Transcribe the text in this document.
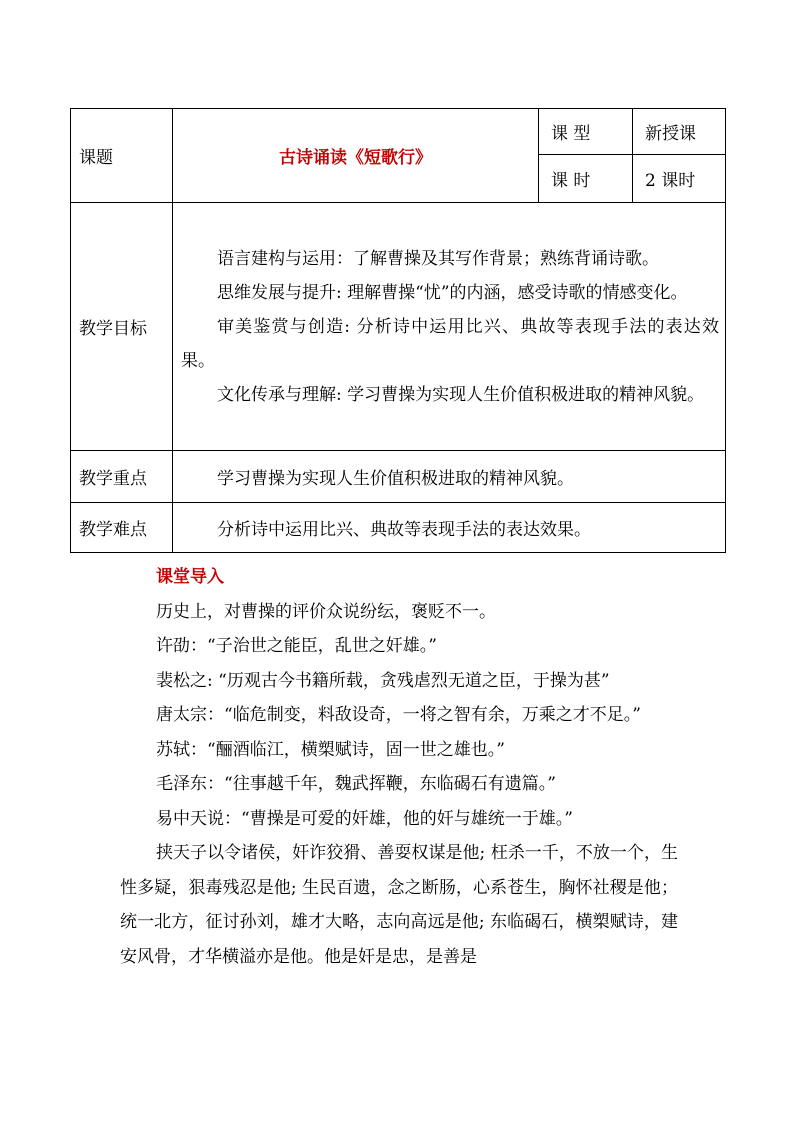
课题	古诗诵读《短歌行》	课 型	新授课
		课 时	2 课时
教学目标	语言建构与运用：了解曹操及其写作背景；熟练背诵诗歌。

思维发展与提升: 理解曹操“忧”的内涵，感受诗歌的情感变化。

审美鉴赏与创造: 分析诗中运用比兴、典故等表现手法的表达效果。

文化传承与理解: 学习曹操为实现人生价值积极进取的精神风貌。		

教学重点	学习曹操为实现人生价值积极进取的精神风貌。		
教学难点	分析诗中运用比兴、典故等表现手法的表达效果。		

课堂导入

历史上，对曹操的评价众说纷纭，褒贬不一。

许劭：“子治世之能臣，乱世之奸雄。”

裴松之: “历观古今书籍所载，贪残虐烈无道之臣，于操为甚”

唐太宗：“临危制变，料敌设奇，一将之智有余，万乘之才不足。”

苏轼：“酾酒临江，横槊赋诗，固一世之雄也。”

毛泽东：“往事越千年，魏武挥鞭，东临碣石有遗篇。”

易中天说：“曹操是可爱的奸雄，他的奸与雄统一于雄。”

挟天子以令诸侯，奸诈狡猾、善耍权谋是他; 枉杀一千，不放一个，生性多疑，狠毒残忍是他; 生民百遗，念之断肠，心系苍生，胸怀社稷是他；统一北方，征讨孙刘，雄才大略，志向高远是他; 东临碣石，横槊赋诗，建安风骨，才华横溢亦是他。他是奸是忠，是善是
